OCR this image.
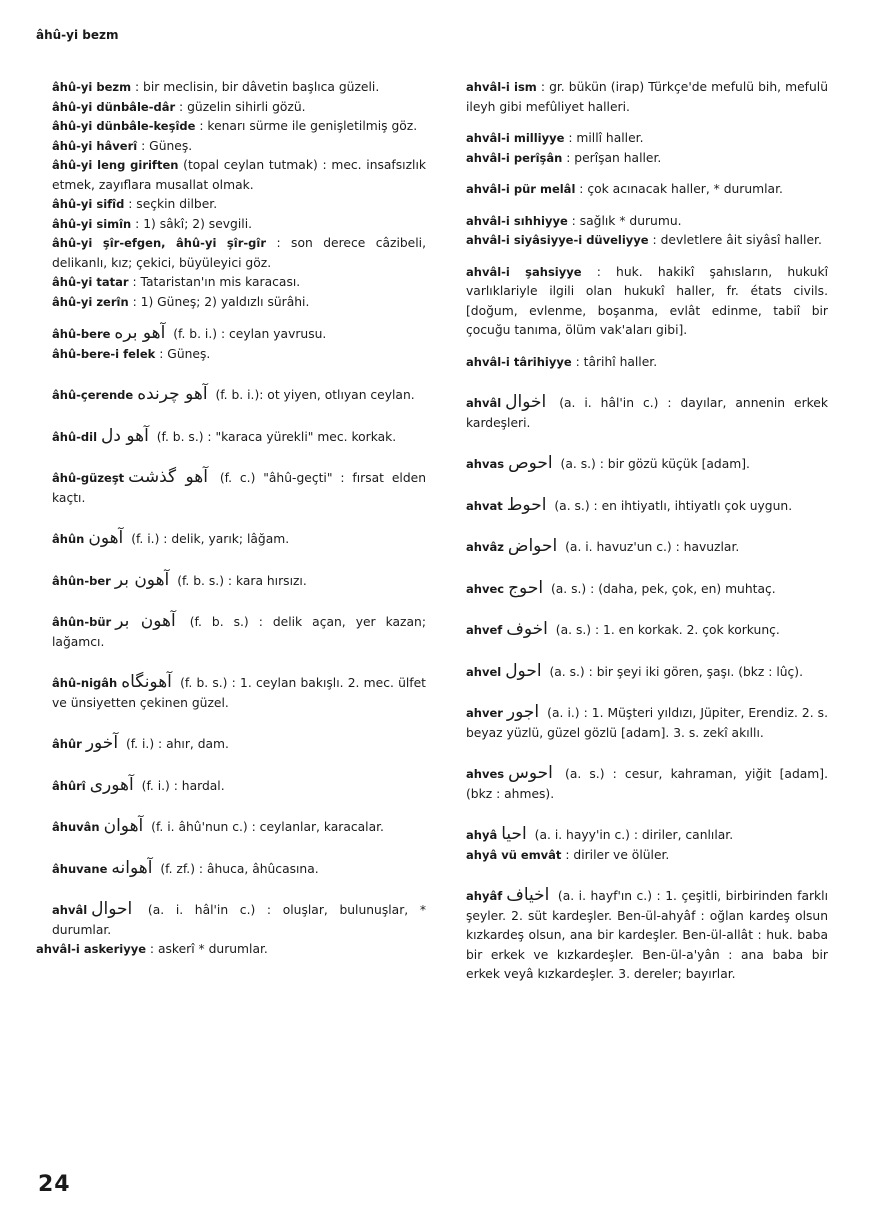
âhû-yi bezm

âhû-yi bezm : bir meclisin, bir dâvetin başlıca güzeli.

âhû-yi dünbâle-dâr : güzelin sihirli gözü.

âhû-yi dünbâle-keşîde : kenarı sürme ile genişletilmiş göz.

âhû-yi hâverî : Güneş.

âhû-yi leng giriften (topal ceylan tutmak) : mec. insafsızlık etmek, zayıflara musallat olmak.

âhû-yi sifîd : seçkin dilber.

âhû-yi simîn : 1) sâkî; 2) sevgili.

âhû-yi şîr-efgen, âhû-yi şîr-gîr : son derece câzibeli, delikanlı, kız; çekici, büyüleyici göz.

âhû-yi tatar : Tataristan'ın mis karacası.

âhû-yi zerîn : 1) Güneş; 2) yaldızlı sürâhi.

âhû-bere آهو بره (f. b. i.) : ceylan yavrusu.

âhû-bere-i felek : Güneş.

âhû-çerende آهو چرنده (f. b. i.): ot yiyen, otlıyan ceylan.

âhû-dil آهو دل (f. b. s.) : "karaca yürekli" mec. korkak.

âhû-güzeşt آهو گذشت (f. c.) "âhû-geçti" : fırsat elden kaçtı.

âhûn آهون (f. i.) : delik, yarık; lâğam.

âhûn-ber آهون بر (f. b. s.) : kara hırsızı.

âhûn-bür آهون بر (f. b. s.) : delik açan, yer kazan; lağamcı.

âhû-nigâh آهونگاه (f. b. s.) : 1. ceylan bakışlı. 2. mec. ülfet ve ünsiyetten çekinen güzel.

âhûr آخور (f. i.) : ahır, dam.

âhûrî آهوری (f. i.) : hardal.

âhuvân آهوان (f. i. âhû'nun c.) : ceylanlar, karacalar.

âhuvane آهوانه (f. zf.) : âhuca, âhûcasına.

ahvâl احوال (a. i. hâl'in c.) : oluşlar, bulunuşlar, * durumlar.

ahvâl-i askeriyye : askerî * durumlar.

ahvâl-i ism : gr. bükün (irap) Türkçe'de mefulü bih, mefulü ileyh gibi mefûliyet halleri.

ahvâl-i milliyye : millî haller.

ahvâl-i perîşân : perîşan haller.

ahvâl-i pür melâl : çok acınacak haller, * durumlar.

ahvâl-i sıhhiyye : sağlık * durumu.

ahvâl-i siyâsiyye-i düveliyye : devletlere âit siyâsî haller.

ahvâl-i şahsiyye : huk. hakikî şahısların, hukukî varlıklariyle ilgili olan hukukî haller, fr. états civils. [doğum, evlenme, boşanma, evlât edinme, tabiî bir çocuğu tanıma, ölüm vak'aları gibi].

ahvâl-i târihiyye : târihî haller.

ahvâl اخوال (a. i. hâl'in c.) : dayılar, annenin erkek kardeşleri.

ahvas احوص (a. s.) : bir gözü küçük [adam].

ahvat احوط (a. s.) : en ihtiyatlı, ihtiyatlı çok uygun.

ahvâz احواض (a. i. havuz'un c.) : havuzlar.

ahvec احوج (a. s.) : (daha, pek, çok, en) muhtaç.

ahvef اخوف (a. s.) : 1. en korkak. 2. çok korkunç.

ahvel احول (a. s.) : bir şeyi iki gören, şaşı. (bkz : lûç).

ahver اجور (a. i.) : 1. Müşteri yıldızı, Jüpiter, Erendiz. 2. s. beyaz yüzlü, güzel gözlü [adam]. 3. s. zekî akıllı.

ahves احوس (a. s.) : cesur, kahraman, yiğit [adam]. (bkz : ahmes).

ahyâ احيا (a. i. hayy'in c.) : diriler, canlılar.

ahyâ vü emvât : diriler ve ölüler.

ahyâf اخياف (a. i. hayf'ın c.) : 1. çeşitli, birbirinden farklı şeyler. 2. süt kardeşler. Ben-ül-ahyâf : oğlan kardeş olsun kızkardeş olsun, ana bir kardeşler. Ben-ül-allât : huk. baba bir erkek ve kızkardeşler. Ben-ül-a'yân : ana baba bir erkek veyâ kızkardeşler. 3. dereler; bayırlar.

24
